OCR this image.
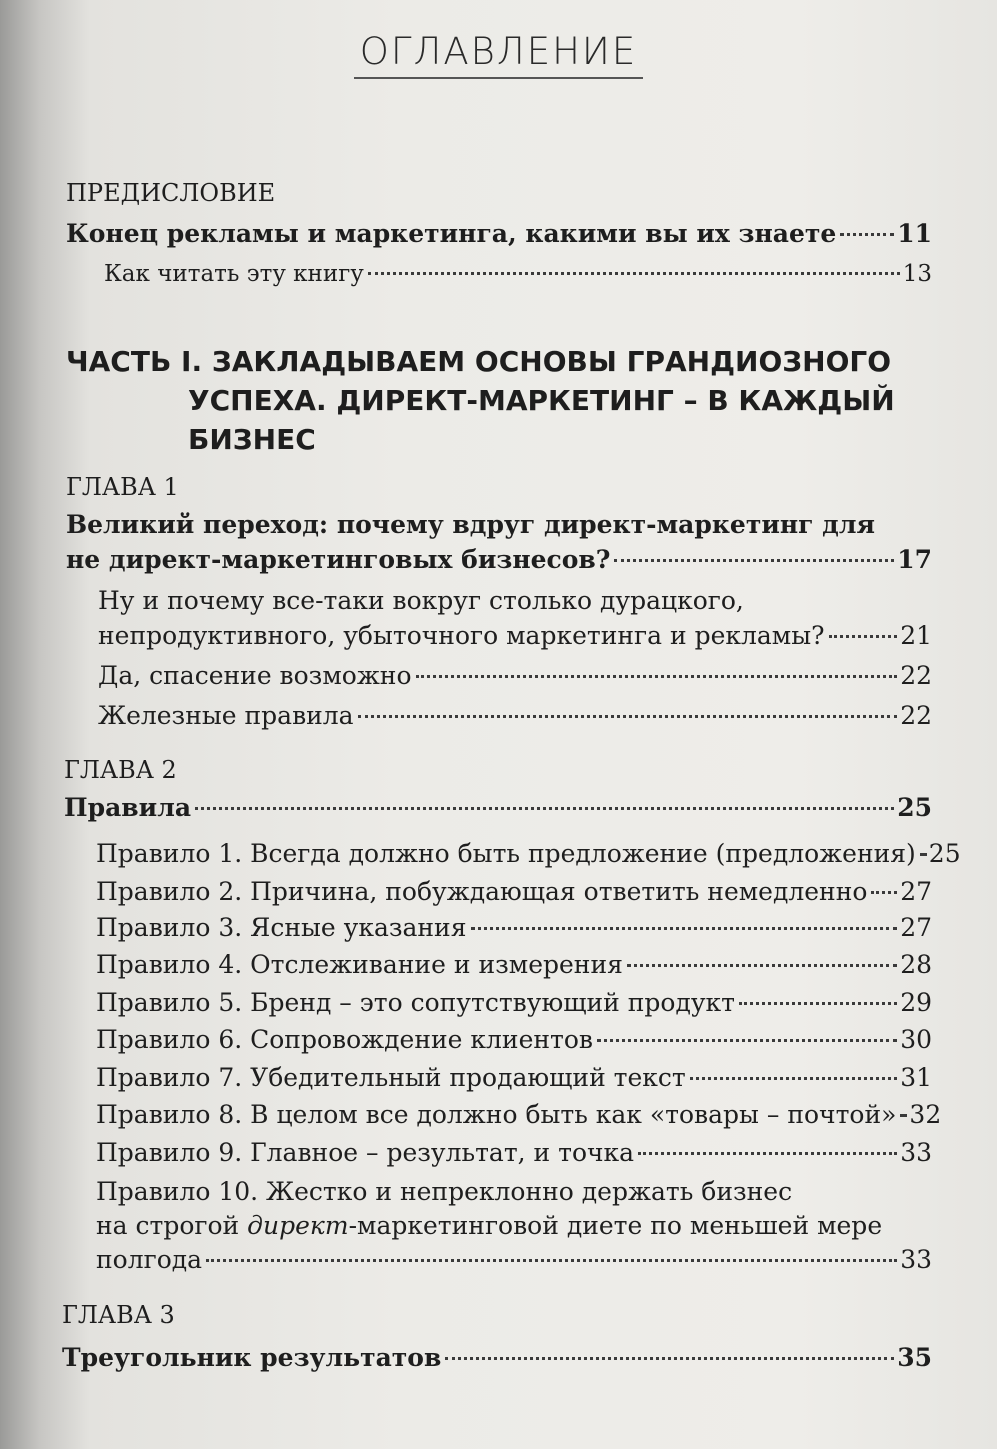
ОГЛАВЛЕНИЕ
ПРЕДИСЛОВИЕ
Конец рекламы и маркетинга, какими вы их знаете 11
Как читать эту книгу	13
ЧАСТЬ I. ЗАКЛАДЫВАЕМ ОСНОВЫ ГРАНДИОЗНОГО
УСПЕХА. ДИРЕКТ-МАРКЕТИНГ – В КАЖДЫЙ
БИЗНЕС
ГЛАВА 1
Великий переход: почему вдруг директ-маркетинг для
не директ-маркетинговых бизнесов?	17
Ну и почему все-таки вокруг столько дурацкого,
непродуктивного, убыточного маркетинга и рекламы?	21
Да, спасение возможно	22
Железные правила	22
ГЛАВА 2
Правила	25
Правило 1. Всегда должно быть предложение (предложения) 25
Правило 2. Причина, побуждающая ответить немедленно 27
Правило 3. Ясные указания	27
Правило 4. Отслеживание и измерения	28
Правило 5. Бренд – это сопутствующий продукт	29
Правило 6. Сопровождение клиентов	30
Правило 7. Убедительный продающий текст	31
Правило 8. В целом все должно быть как «товары – почтой» 32
Правило 9. Главное – результат, и точка	33
Правило 10. Жестко и непреклонно держать бизнес
на строгой директ-маркетинговой диете по меньшей мере
полгода	33
ГЛАВА 3
Треугольник результатов	35
